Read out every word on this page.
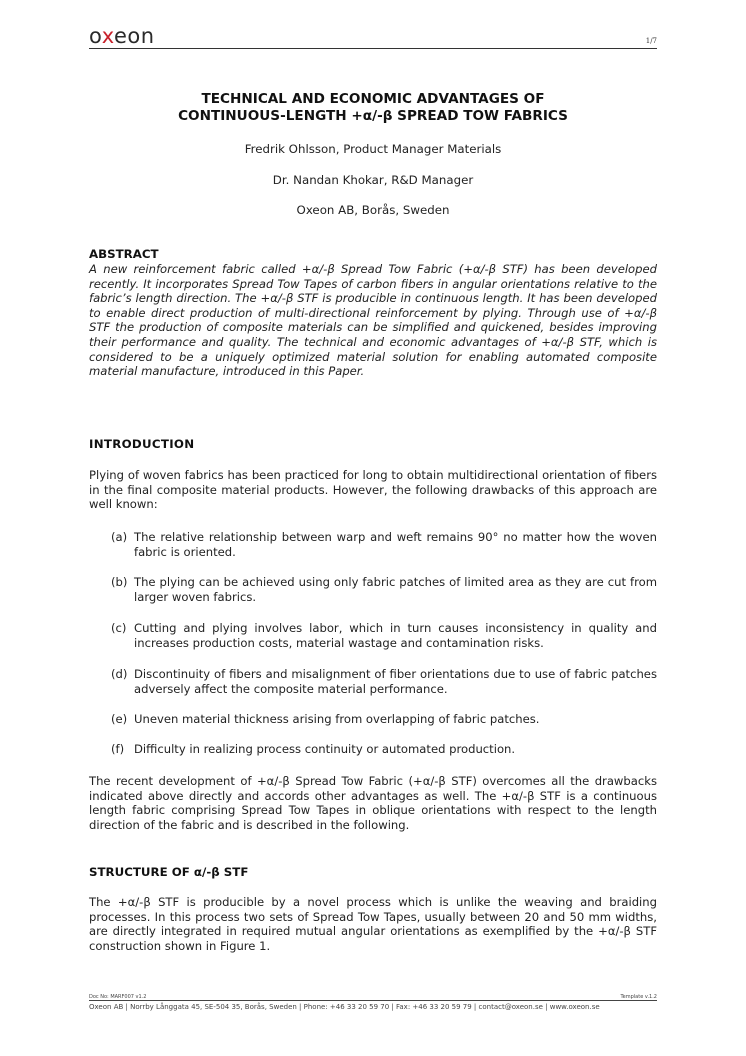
oxeon	1/7
TECHNICAL AND ECONOMIC ADVANTAGES OF
CONTINUOUS-LENGTH +α/-β SPREAD TOW FABRICS
Fredrik Ohlsson, Product Manager Materials
Dr. Nandan Khokar, R&D Manager
Oxeon AB, Borås, Sweden
ABSTRACT
A new reinforcement fabric called +α/-β Spread Tow Fabric (+α/-β STF) has been developed recently. It incorporates Spread Tow Tapes of carbon fibers in angular orientations relative to the fabric’s length direction. The +α/-β STF is producible in continuous length. It has been developed to enable direct production of multi-directional reinforcement by plying. Through use of +α/-β STF the production of composite materials can be simplified and quickened, besides improving their performance and quality. The technical and economic advantages of +α/-β STF, which is considered to be a uniquely optimized material solution for enabling automated composite material manufacture, introduced in this Paper.
INTRODUCTION
Plying of woven fabrics has been practiced for long to obtain multidirectional orientation of fibers in the final composite material products. However, the following drawbacks of this approach are well known:
(a) The relative relationship between warp and weft remains 90° no matter how the woven fabric is oriented.
(b) The plying can be achieved using only fabric patches of limited area as they are cut from larger woven fabrics.
(c) Cutting and plying involves labor, which in turn causes inconsistency in quality and increases production costs, material wastage and contamination risks.
(d) Discontinuity of fibers and misalignment of fiber orientations due to use of fabric patches adversely affect the composite material performance.
(e) Uneven material thickness arising from overlapping of fabric patches.
(f) Difficulty in realizing process continuity or automated production.
The recent development of +α/-β Spread Tow Fabric (+α/-β STF) overcomes all the drawbacks indicated above directly and accords other advantages as well. The +α/-β STF is a continuous length fabric comprising Spread Tow Tapes in oblique orientations with respect to the length direction of the fabric and is described in the following.
STRUCTURE OF α/-β STF
The +α/-β STF is producible by a novel process which is unlike the weaving and braiding processes. In this process two sets of Spread Tow Tapes, usually between 20 and 50 mm widths, are directly integrated in required mutual angular orientations as exemplified by the +α/-β STF construction shown in Figure 1.
Doc No: MARF007 v1.2	Template v.1.2
Oxeon AB | Norrby Långgata 45, SE-504 35, Borås, Sweden | Phone: +46 33 20 59 70 | Fax: +46 33 20 59 79 | contact@oxeon.se | www.oxeon.se
